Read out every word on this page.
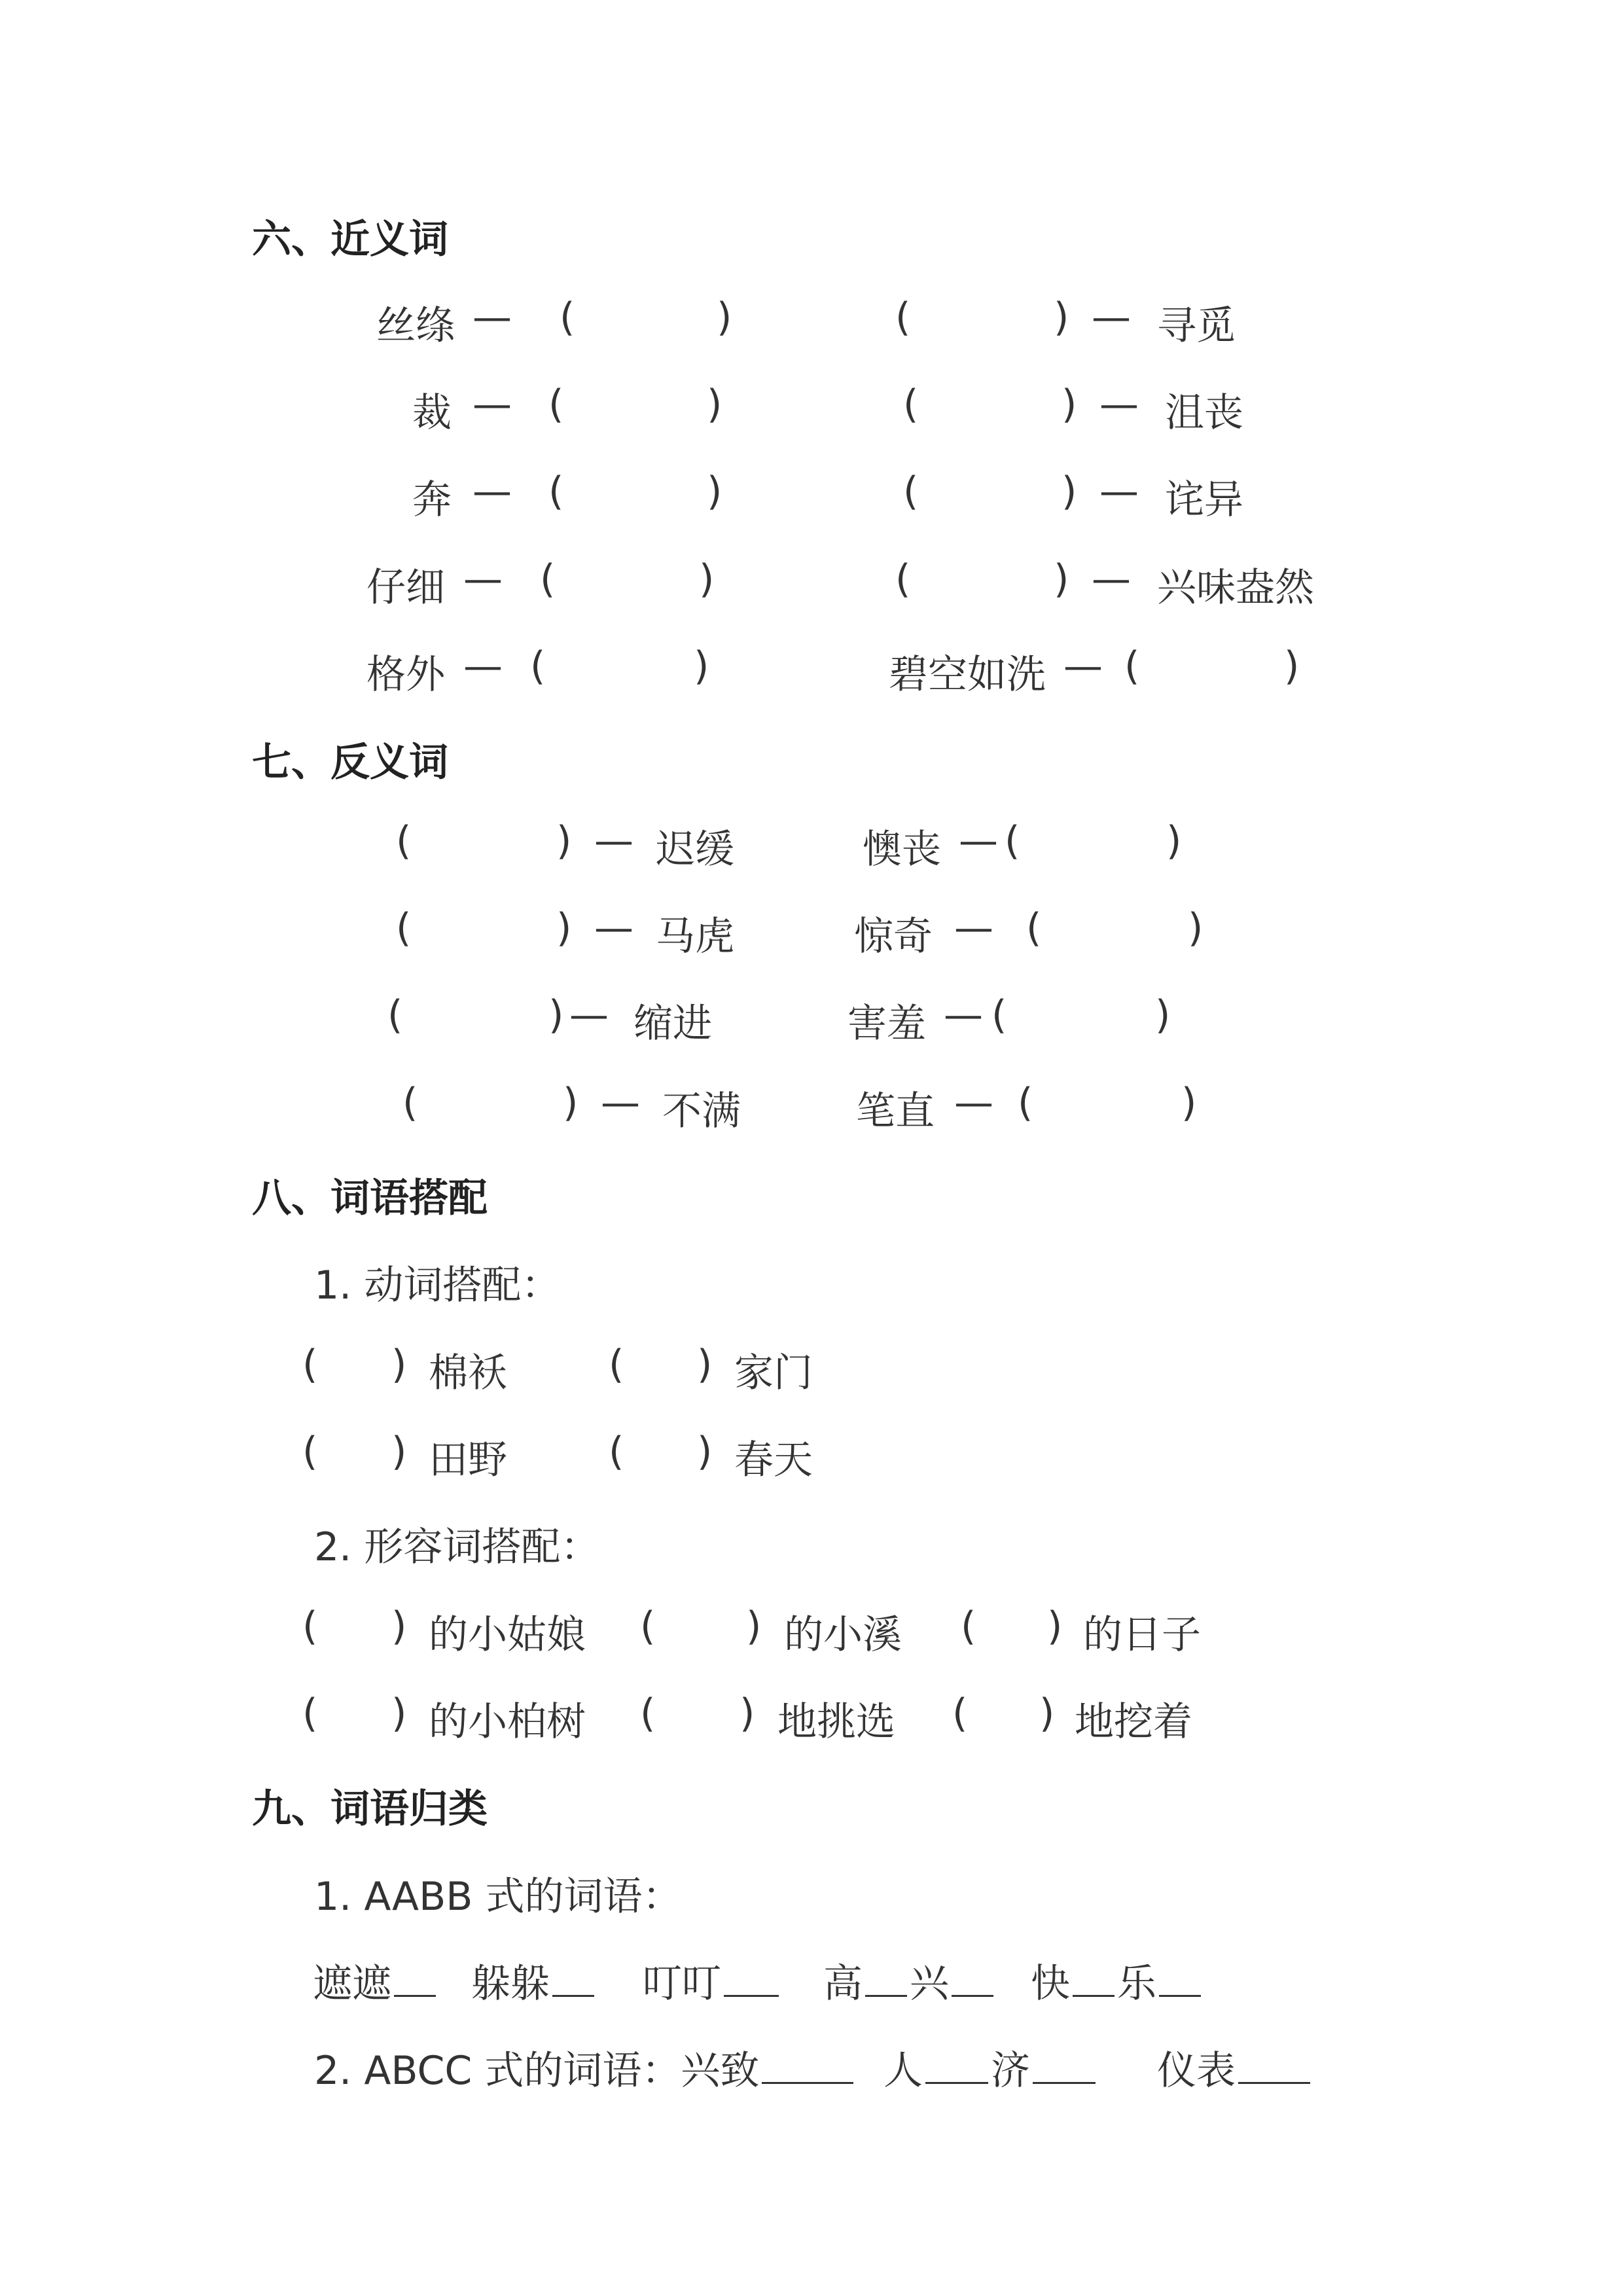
六、近义词
丝绦 — (	)	(	) — 寻觅
裁 — (	)	(	) — 沮丧
奔 — (	)	(	) — 诧异
仔细 — (	)	(	) — 兴味盎然
格外 — (	)	碧空如洗 — (	)
七、反义词
(	) — 迟缓	懊丧 — (	)
(	) — 马虎	惊奇 — (	)
(	) — 缩进	害羞 — (	)
(	) — 不满	笔直 — (	)
八、词语搭配
1. 动词搭配：
( ) 棉袄	( ) 家门
( ) 田野	( ) 春天
2. 形容词搭配：
( ) 的小姑娘 ( ) 的小溪 ( ) 的日子
( ) 的小柏树 ( ) 地挑选 ( ) 地挖着
九、词语归类
1. AABB 式的词语：
遮遮	躲躲	叮叮	高 兴	快 乐
2. ABCC 式的词语：兴致	人 济	仪表
